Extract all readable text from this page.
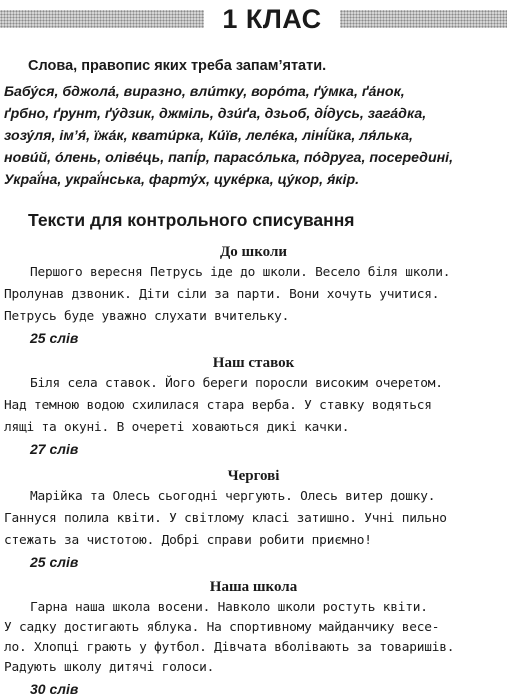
1 КЛАС
Слова, правопис яких треба запам’ятати.
Бабу́ся, бджола́, виразно, вли́тку, воро́та, ґу́мка, ґа́нок,
ґрбно, ґрунт, ґу́дзик, джміль, дзи́ґа, дзьоб, ді́дусь, зага́дка,
зозу́ля, ім’я́, їжа́к, квати́рка, Ки́їв, леле́ка, ліні́йка, ля́лька,
нови́й, о́лень, оліве́ць, папі́р, парасо́лька, по́друга, посередині,
Украї́на, украї́нська, фарту́х, цуке́рка, цу́кор, я́кір.
Тексти для контрольного списування
До школи
Першого вересня Петрусь іде до школи. Весело біля школи.
Пролунав дзвоник. Діти сіли за парти. Вони хочуть учитися.
Петрусь буде уважно слухати вчительку.
25 слів
Наш ставок
Біля села ставок. Його береги поросли високим очеретом.
Над темною водою схилилася стара верба. У ставку водяться
лящі та окуні. В очереті ховаються дикі качки.
27 слів
Чергові
Марійка та Олесь сьогодні чергують. Олесь витер дошку.
Ганнуся полила квіти. У світлому класі затишно. Учні пильно
стежать за чистотою. Добрі справи робити приємно!
25 слів
Наша школа
Гарна наша школа восени. Навколо школи ростуть квіти.
У садку достигають яблука. На спортивному майданчику весе-
ло. Хлопці грають у футбол. Дівчата вболівають за товаришів.
Радують школу дитячі голоси.
30 слів
